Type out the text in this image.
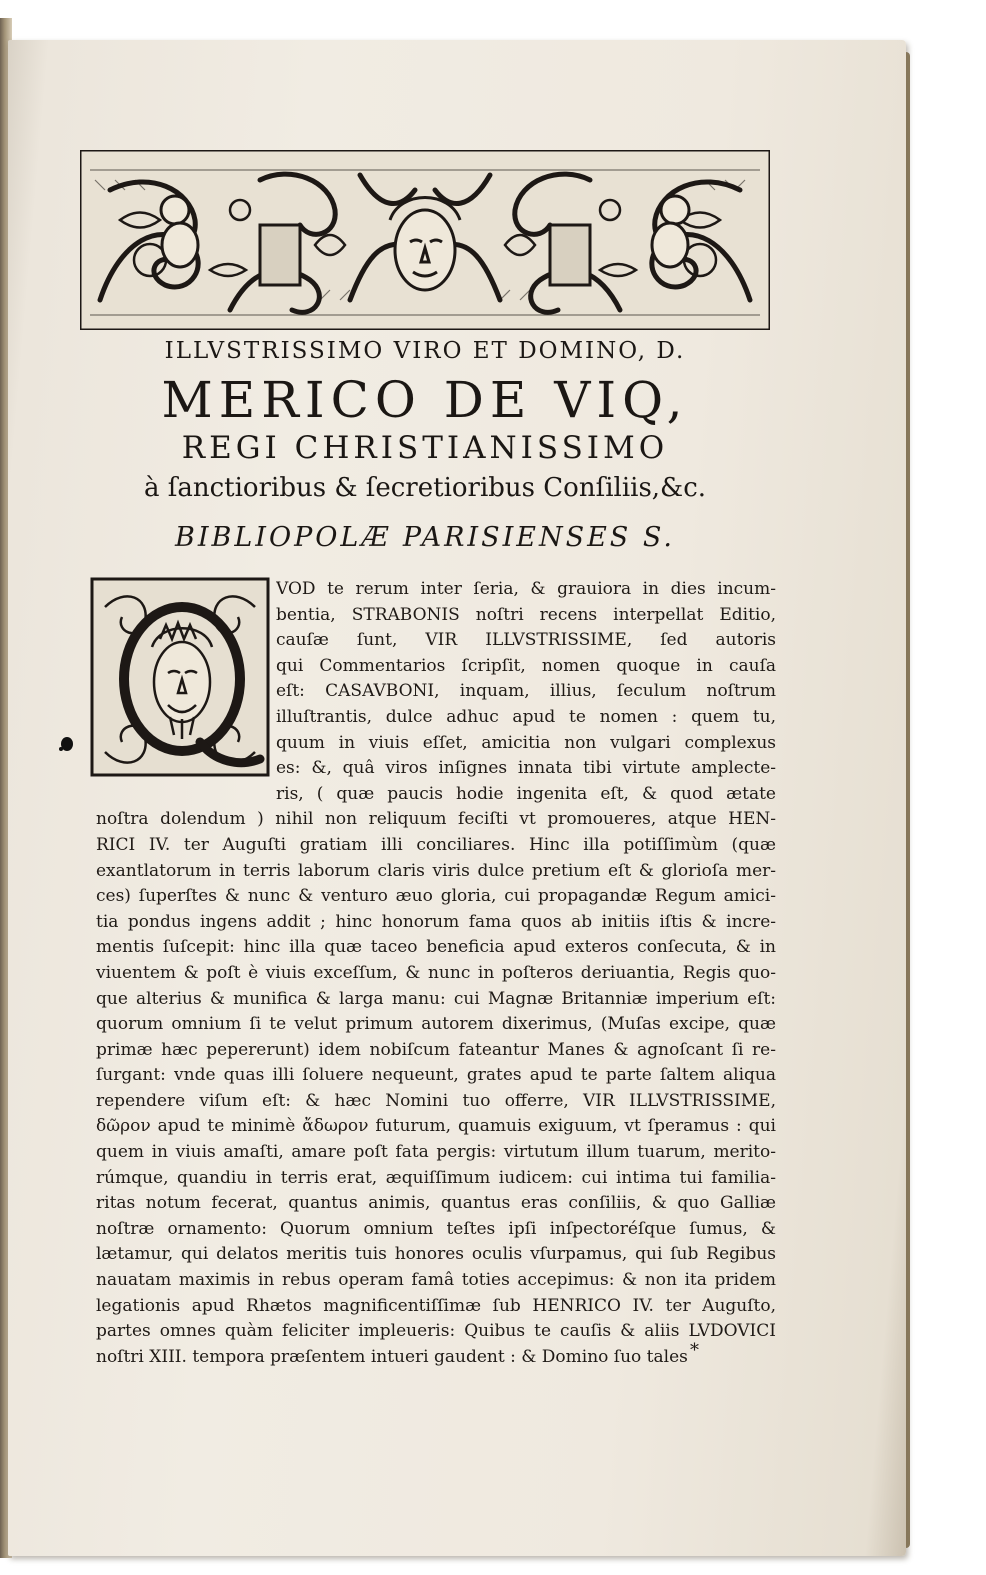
ILLVSTRISSIMO VIRO ET DOMINO, D.
MERICO DE VIQ,
REGI CHRISTIANISSIMO
à ſanctioribus & ſecretioribus Conſiliis,&c.
BIBLIOPOLÆ PARISIENSES S.
VOD te rerum inter ſeria, & grauiora in dies incum-
bentia, STRABONIS noſtri recens interpellat Editio,
cauſæ ſunt, VIR ILLVSTRISSIME, ſed autoris
qui Commentarios ſcripſit, nomen quoque in cauſa
eſt: CASAVBONI, inquam, illius, ſeculum noſtrum
illuſtrantis, dulce adhuc apud te nomen : quem tu,
quum in viuis eſſet, amicitia non vulgari complexus
es: &, quâ viros inſignes innata tibi virtute amplecte-
ris, ( quæ paucis hodie ingenita eſt, & quod ætate
noſtra dolendum ) nihil non reliquum feciſti vt promoueres, atque HEN-
RICI IV. ter Auguſti gratiam illi conciliares. Hinc illa potiſſimùm (quæ
exantlatorum in terris laborum claris viris dulce pretium eſt & glorioſa mer-
ces) ſuperſtes & nunc & venturo æuo gloria, cui propagandæ Regum amici-
tia pondus ingens addit ; hinc honorum fama quos ab initiis iſtis & incre-
mentis ſuſcepit: hinc illa quæ taceo beneficia apud exteros conſecuta, & in
viuentem & poſt è viuis exceſſum, & nunc in poſteros deriuantia, Regis quo-
que alterius & munifica & larga manu: cui Magnæ Britanniæ imperium eſt:
quorum omnium ſi te velut primum autorem dixerimus, (Muſas excipe, quæ
primæ hæc pepererunt) idem nobiſcum fateantur Manes & agnoſcant ſi re-
ſurgant: vnde quas illi ſoluere nequeunt, grates apud te parte ſaltem aliqua
rependere viſum eſt: & hæc Nomini tuo offerre, VIR ILLVSTRISSIME,
δῶρον apud te minimè ἄδωρον futurum, quamuis exiguum, vt ſperamus : qui
quem in viuis amaſti, amare poſt fata pergis: virtutum illum tuarum, merito-
rúmque, quandiu in terris erat, æquiſſimum iudicem: cui intima tui familia-
ritas notum fecerat, quantus animis, quantus eras conſiliis, & quo Galliæ
noſtræ ornamento: Quorum omnium teſtes ipſi inſpectoréſque ſumus, &
lætamur, qui delatos meritis tuis honores oculis vſurpamus, qui ſub Regibus
nauatam maximis in rebus operam famâ toties accepimus: & non ita pridem
legationis apud Rhætos magnificentiſſimæ ſub HENRICO IV. ter Auguſto,
partes omnes quàm feliciter impleueris: Quibus te cauſis & aliis LVDOVICI
noſtri XIII. tempora præſentem intueri gaudent : & Domino ſuo tales *
